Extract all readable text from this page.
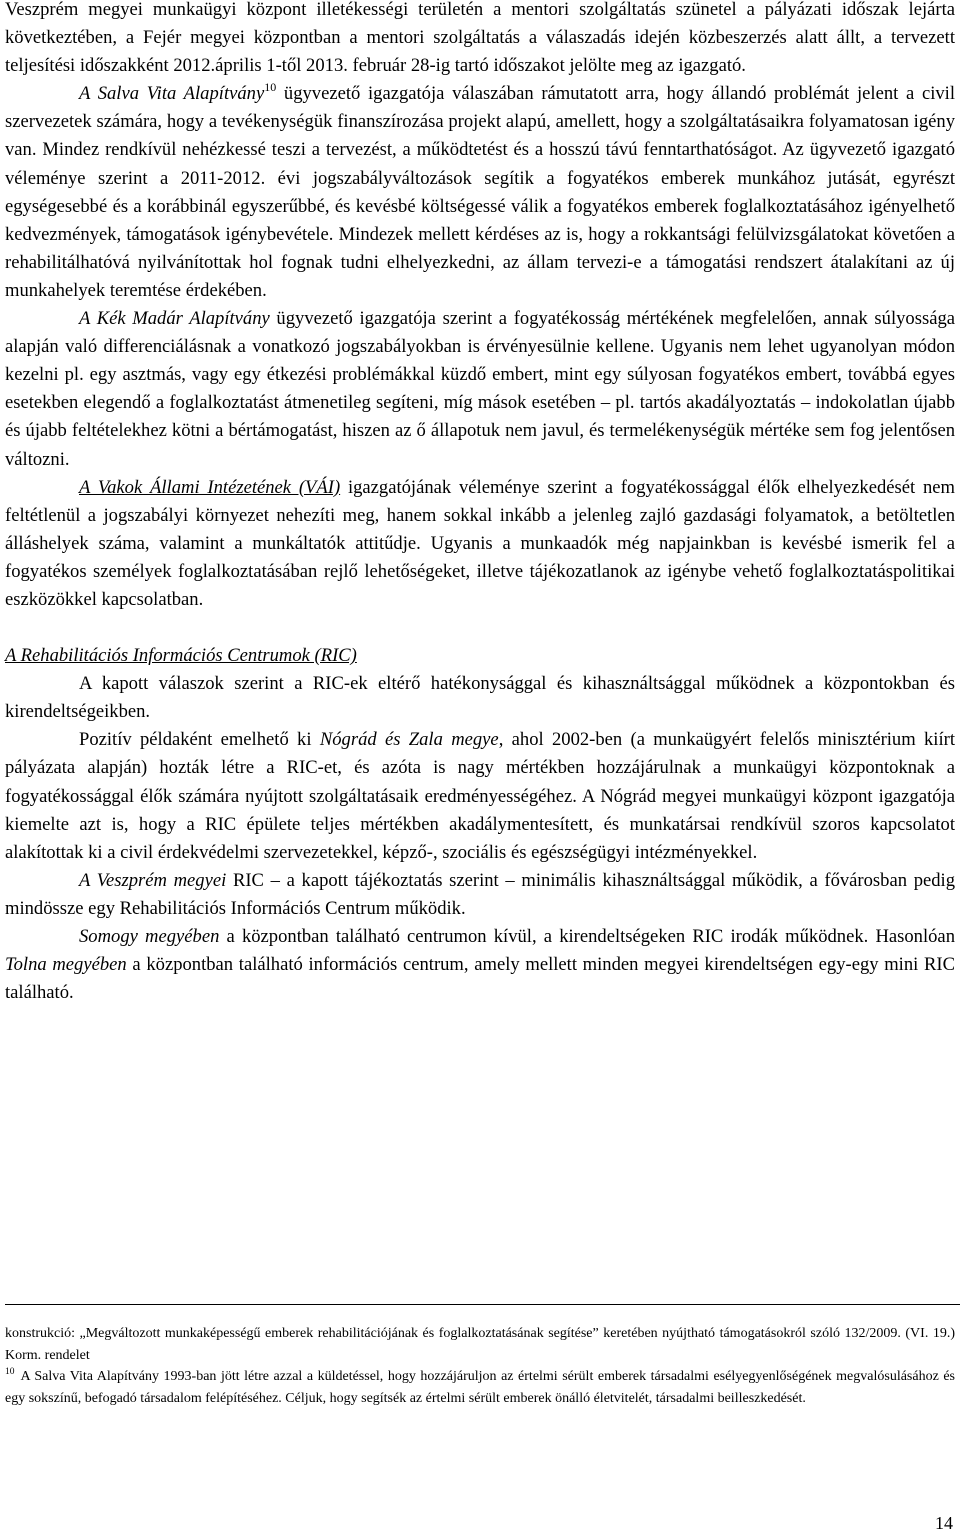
Veszprém megyei munkaügyi központ illetékességi területén a mentori szolgáltatás szünetel a pályázati időszak lejárta következtében, a Fejér megyei központban a mentori szolgáltatás a válaszadás idején közbeszerzés alatt állt, a tervezett teljesítési időszakként 2012.április 1-től 2013. február 28-ig tartó időszakot jelölte meg az igazgató.

A Salva Vita Alapítvány$^{10}$ ügyvezető igazgatója válaszában rámutatott arra, hogy állandó problémát jelent a civil szervezetek számára, hogy a tevékenységük finanszírozása projekt alapú, amellett, hogy a szolgáltatásaikra folyamatosan igény van. Mindez rendkívül nehézkessé teszi a tervezést, a működtetést és a hosszú távú fenntarthatóságot. Az ügyvezető igazgató véleménye szerint a 2011-2012. évi jogszabályváltozások segítik a fogyatékos emberek munkához jutását, egyrészt egységesebbé és a korábbinál egyszerűbbé, és kevésbé költségessé válik a fogyatékos emberek foglalkoztatásához igényelhető kedvezmények, támogatások igénybevétele. Mindezek mellett kérdéses az is, hogy a rokkantsági felülvizsgálatokat követően a rehabilitálhatóvá nyilvánítottak hol fognak tudni elhelyezkedni, az állam tervezi-e a támogatási rendszert átalakítani az új munkahelyek teremtése érdekében.

A Kék Madár Alapítvány ügyvezető igazgatója szerint a fogyatékosság mértékének megfelelően, annak súlyossága alapján való differenciálásnak a vonatkozó jogszabályokban is érvényesülnie kellene. Ugyanis nem lehet ugyanolyan módon kezelni pl. egy asztmás, vagy egy étkezési problémákkal küzdő embert, mint egy súlyosan fogyatékos embert, továbbá egyes esetekben elegendő a foglalkoztatást átmenetileg segíteni, míg mások esetében – pl. tartós akadályoztatás – indokolatlan újabb és újabb feltételekhez kötni a bértámogatást, hiszen az ő állapotuk nem javul, és termelékenységük mértéke sem fog jelentősen változni.

A Vakok Állami Intézetének (VÁI) igazgatójának véleménye szerint a fogyatékossággal élők elhelyezkedését nem feltétlenül a jogszabályi környezet nehezíti meg, hanem sokkal inkább a jelenleg zajló gazdasági folyamatok, a betöltetlen álláshelyek száma, valamint a munkáltatók attitűdje. Ugyanis a munkaadók még napjainkban is kevésbé ismerik fel a fogyatékos személyek foglalkoztatásában rejlő lehetőségeket, illetve tájékozatlanok az igénybe vehető foglalkoztatáspolitikai eszközökkel kapcsolatban.

A Rehabilitációs Információs Centrumok (RIC)

A kapott válaszok szerint a RIC-ek eltérő hatékonysággal és kihasználtsággal működnek a központokban és kirendeltségeikben.

Pozitív példaként emelhető ki Nógrád és Zala megye, ahol 2002-ben (a munkaügyért felelős minisztérium kiírt pályázata alapján) hozták létre a RIC-et, és azóta is nagy mértékben hozzájárulnak a munkaügyi központoknak a fogyatékossággal élők számára nyújtott szolgáltatásaik eredményességéhez. A Nógrád megyei munkaügyi központ igazgatója kiemelte azt is, hogy a RIC épülete teljes mértékben akadálymentesített, és munkatársai rendkívül szoros kapcsolatot alakítottak ki a civil érdekvédelmi szervezetekkel, képző-, szociális és egészségügyi intézményekkel.

A Veszprém megyei RIC – a kapott tájékoztatás szerint – minimális kihasználtsággal működik, a fővárosban pedig mindössze egy Rehabilitációs Információs Centrum működik.

Somogy megyében a központban található centrumon kívül, a kirendeltségeken RIC irodák működnek. Hasonlóan Tolna megyében a központban található információs centrum, amely mellett minden megyei kirendeltségen egy-egy mini RIC található.

konstrukció: „Megváltozott munkaképességű emberek rehabilitációjának és foglalkoztatásának segítése” keretében nyújtható támogatásokról szóló 132/2009. (VI. 19.) Korm. rendelet

$^{10}$ A Salva Vita Alapítvány 1993-ban jött létre azzal a küldetéssel, hogy hozzájáruljon az értelmi sérült emberek társadalmi esélyegyenlőségének megvalósulásához és egy sokszínű, befogadó társadalom felépítéséhez. Céljuk, hogy segítsék az értelmi sérült emberek önálló életvitelét, társadalmi beilleszkedését.

14
